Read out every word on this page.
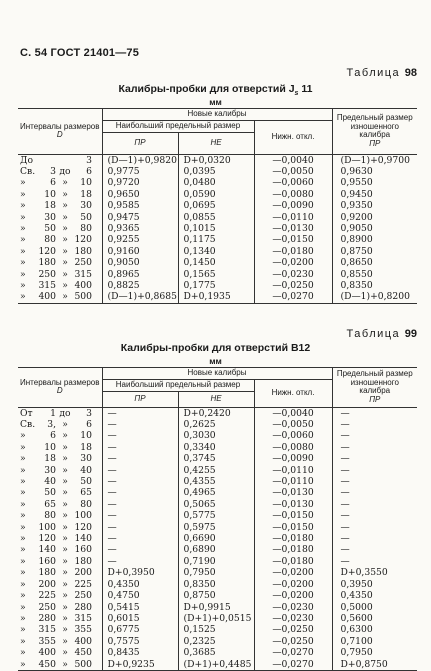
С. 54 ГОСТ 21401—75
Таблица 98
Калибры-пробки для отверстий $J_s$ 11
мм
Интервалы размеров
D	Новые калибры			Предельный размер изношенного калибра
ПР
	Наибольший предельный размер		Нижн. откл.	
	ПР	НЕ		

До 3	(D—1)+0,9820	D+0,0320	—0,0040	(D—1)+0,9700

Св. 3 до 6	0,9775	0,0395	—0,0050	0,9630

» 6 » 10	0,9720	0,0480	—0,0060	0,9550

» 10 » 18	0,9650	0,0590	—0,0080	0,9450

» 18 » 30	0,9585	0,0695	—0,0090	0,9350

» 30 » 50	0,9475	0,0855	—0,0110	0,9200

» 50 » 80	0,9365	0,1015	—0,0130	0,9050

» 80 » 120	0,9255	0,1175	—0,0150	0,8900

» 120 » 180	0,9160	0,1340	—0,0180	0,8750

» 180 » 250	0,9050	0,1450	—0,0200	0,8650

» 250 » 315	0,8965	0,1565	—0,0230	0,8550

» 315 » 400	0,8825	0,1775	—0,0250	0,8350

» 400 » 500	(D—1)+0,8685	D+0,1935	—0,0270	(D—1)+0,8200
Таблица 99
Калибры-пробки для отверстий B12
мм
Интервалы размеров
D	Новые калибры			Предельный размер изношенного калибра
ПР
	Наибольший предельный размер		Нижн. откл.	
	ПР	НЕ		

От 1 до 3	—	D+0,2420	—0,0040	—

Св. 3, » 6	—	0,2625	—0,0050	—

» 6 » 10	—	0,3030	—0,0060	—

» 10 » 18	—	0,3340	—0,0080	—

» 18 » 30	—	0,3745	—0,0090	—

» 30 » 40	—	0,4255	—0,0110	—

» 40 » 50	—	0,4355	—0,0110	—

» 50 » 65	—	0,4965	—0,0130	—

» 65 » 80	—	0,5065	—0,0130	—

» 80 » 100	—	0,5775	—0,0150	—

» 100 » 120	—	0,5975	—0,0150	—

» 120 » 140	—	0,6690	—0,0180	—

» 140 » 160	—	0,6890	—0,0180	—

» 160 » 180	—	0,7190	—0,0180	—

» 180 » 200	D+0,3950	0,7950	—0,0200	D+0,3550

» 200 » 225	0,4350	0,8350	—0,0200	0,3950

» 225 » 250	0,4750	0,8750	—0,0200	0,4350

» 250 » 280	0,5415	D+0,9915	—0,0230	0,5000

» 280 » 315	0,6015	(D+1)+0,0515	—0,0230	0,5600

» 315 » 355	0,6775	0,1525	—0,0250	0,6300

» 355 » 400	0,7575	0,2325	—0,0250	0,7100

» 400 » 450	0,8435	0,3685	—0,0270	0,7950

» 450 » 500	D+0,9235	(D+1)+0,4485	—0,0270	D+0,8750
